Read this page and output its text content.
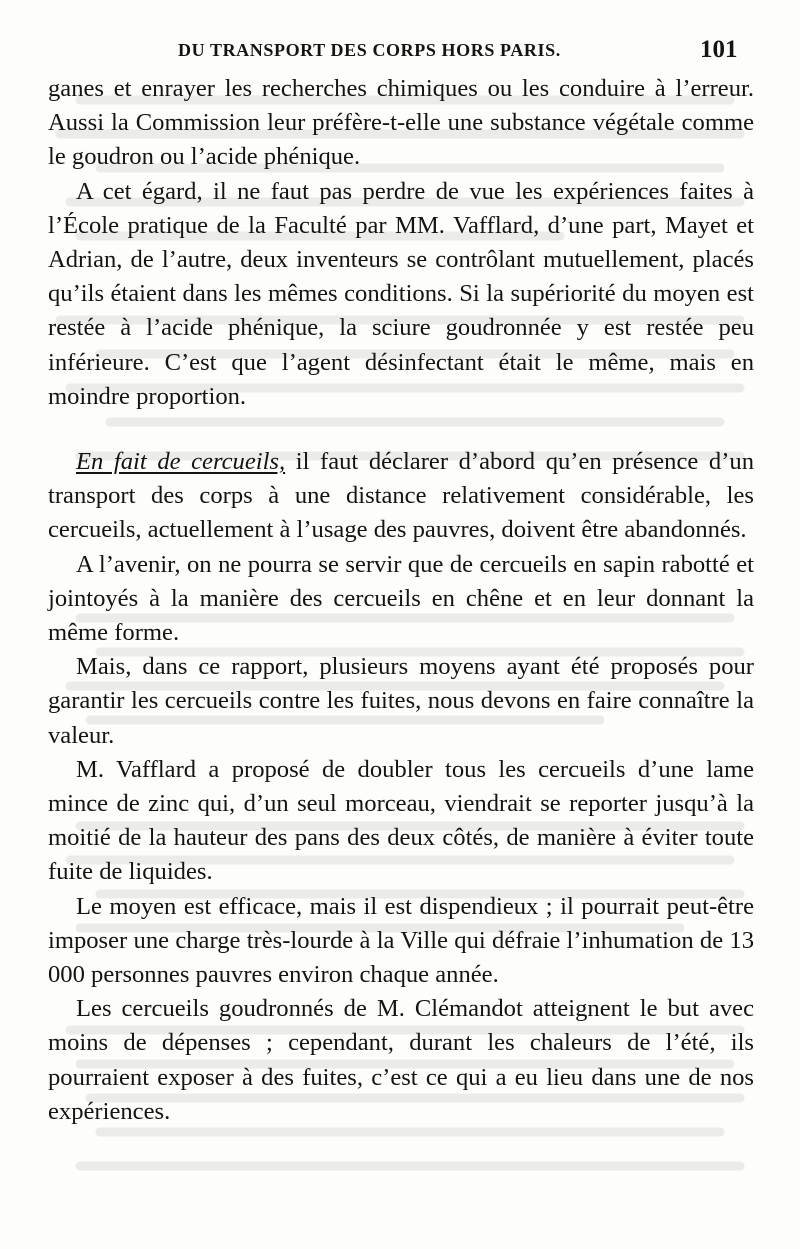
DU TRANSPORT DES CORPS HORS PARIS.	101

ganes et enrayer les recherches chimiques ou les conduire à l’erreur. Aussi la Commission leur préfère-t-elle une substance végétale comme le goudron ou l’acide phénique.

A cet égard, il ne faut pas perdre de vue les expériences faites à l’École pratique de la Faculté par MM. Vafflard, d’une part, Mayet et Adrian, de l’autre, deux inventeurs se contrôlant mutuellement, placés qu’ils étaient dans les mêmes conditions. Si la supériorité du moyen est restée à l’acide phénique, la sciure goudronnée y est restée peu inférieure. C’est que l’agent désinfectant était le même, mais en moindre proportion.

En fait de cercueils, il faut déclarer d’abord qu’en présence d’un transport des corps à une distance relativement considérable, les cercueils, actuellement à l’usage des pauvres, doivent être abandonnés.

A l’avenir, on ne pourra se servir que de cercueils en sapin rabotté et jointoyés à la manière des cercueils en chêne et en leur donnant la même forme.

Mais, dans ce rapport, plusieurs moyens ayant été proposés pour garantir les cercueils contre les fuites, nous devons en faire connaître la valeur.

M. Vafflard a proposé de doubler tous les cercueils d’une lame mince de zinc qui, d’un seul morceau, viendrait se reporter jusqu’à la moitié de la hauteur des pans des deux côtés, de manière à éviter toute fuite de liquides.

Le moyen est efficace, mais il est dispendieux ; il pourrait peut-être imposer une charge très-lourde à la Ville qui défraie l’inhumation de 13 000 personnes pauvres environ chaque année.

Les cercueils goudronnés de M. Clémandot atteignent le but avec moins de dépenses ; cependant, durant les chaleurs de l’été, ils pourraient exposer à des fuites, c’est ce qui a eu lieu dans une de nos expériences.
